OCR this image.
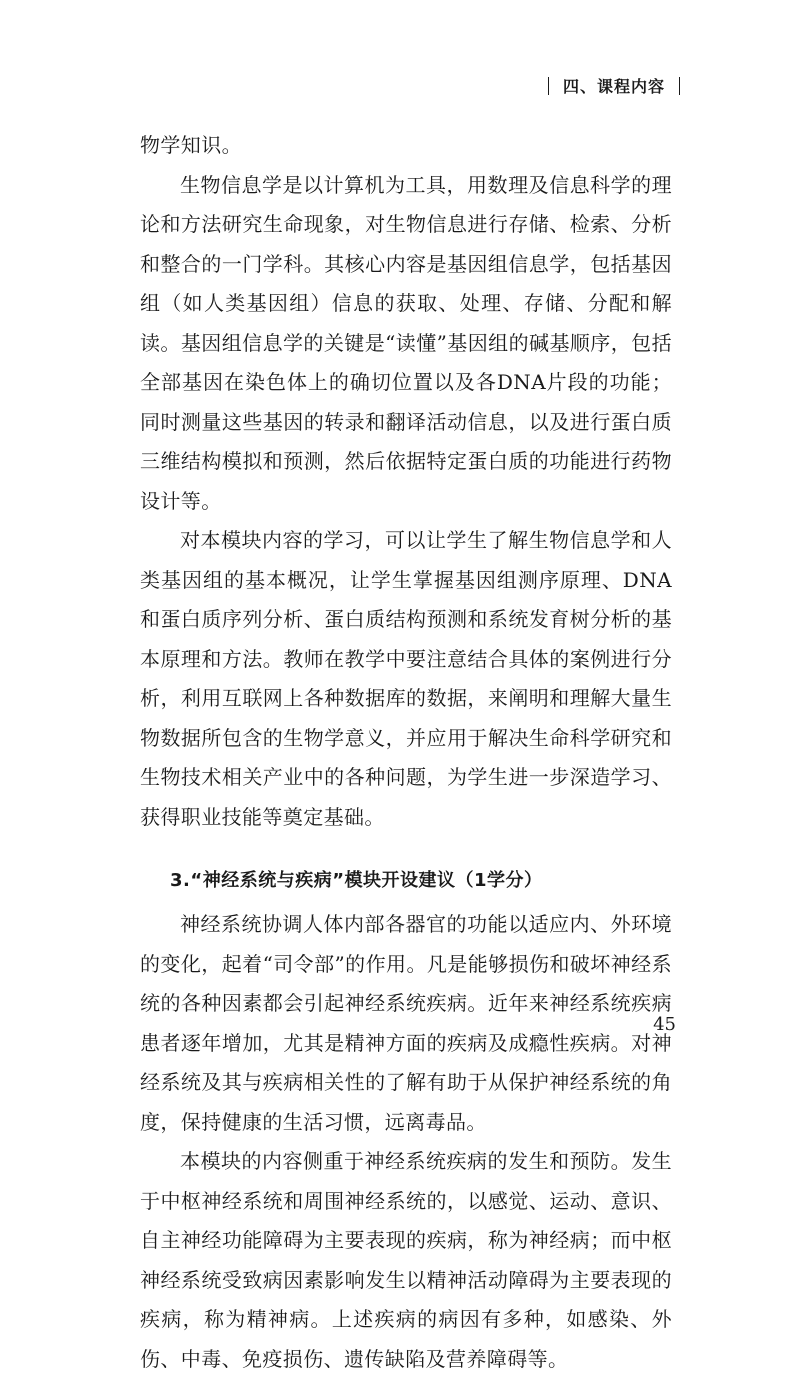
四、课程内容

物学知识。

生物信息学是以计算机为工具，用数理及信息科学的理论和方法研究生命现象，对生物信息进行存储、检索、分析和整合的一门学科。其核心内容是基因组信息学，包括基因组（如人类基因组）信息的获取、处理、存储、分配和解读。基因组信息学的关键是“读懂”基因组的碱基顺序，包括全部基因在染色体上的确切位置以及各DNA片段的功能；同时测量这些基因的转录和翻译活动信息，以及进行蛋白质三维结构模拟和预测，然后依据特定蛋白质的功能进行药物设计等。

对本模块内容的学习，可以让学生了解生物信息学和人类基因组的基本概况，让学生掌握基因组测序原理、DNA和蛋白质序列分析、蛋白质结构预测和系统发育树分析的基本原理和方法。教师在教学中要注意结合具体的案例进行分析，利用互联网上各种数据库的数据，来阐明和理解大量生物数据所包含的生物学意义，并应用于解决生命科学研究和生物技术相关产业中的各种问题，为学生进一步深造学习、获得职业技能等奠定基础。

3.“神经系统与疾病”模块开设建议（1学分）

神经系统协调人体内部各器官的功能以适应内、外环境的变化，起着“司令部”的作用。凡是能够损伤和破坏神经系统的各种因素都会引起神经系统疾病。近年来神经系统疾病患者逐年增加，尤其是精神方面的疾病及成瘾性疾病。对神经系统及其与疾病相关性的了解有助于从保护神经系统的角度，保持健康的生活习惯，远离毒品。

本模块的内容侧重于神经系统疾病的发生和预防。发生于中枢神经系统和周围神经系统的，以感觉、运动、意识、自主神经功能障碍为主要表现的疾病，称为神经病；而中枢神经系统受致病因素影响发生以精神活动障碍为主要表现的疾病，称为精神病。上述疾病的病因有多种，如感染、外伤、中毒、免疫损伤、遗传缺陷及营养障碍等。

45
